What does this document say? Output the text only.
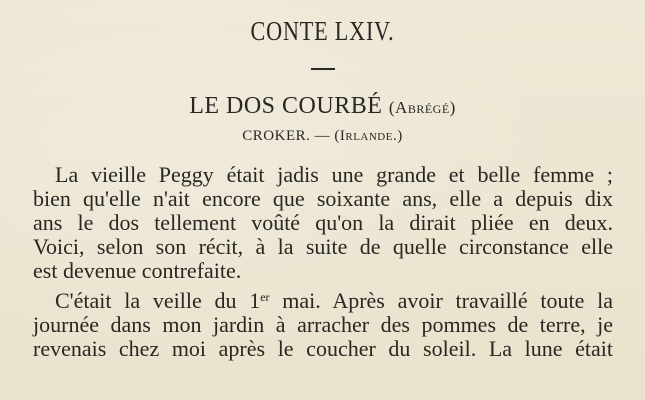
CONTE LXIV.
LE DOS COURBÉ (Abrégé)
CROKER. — (Irlande.)
La vieille Peggy était jadis une grande et belle femme ;
bien qu'elle n'ait encore que soixante ans, elle a depuis dix
ans le dos tellement voûté qu'on la dirait pliée en deux.
Voici, selon son récit, à la suite de quelle circonstance elle
est devenue contrefaite.
C'était la veille du 1er mai. Après avoir travaillé toute la
journée dans mon jardin à arracher des pommes de terre, je
revenais chez moi après le coucher du soleil. La lune était
